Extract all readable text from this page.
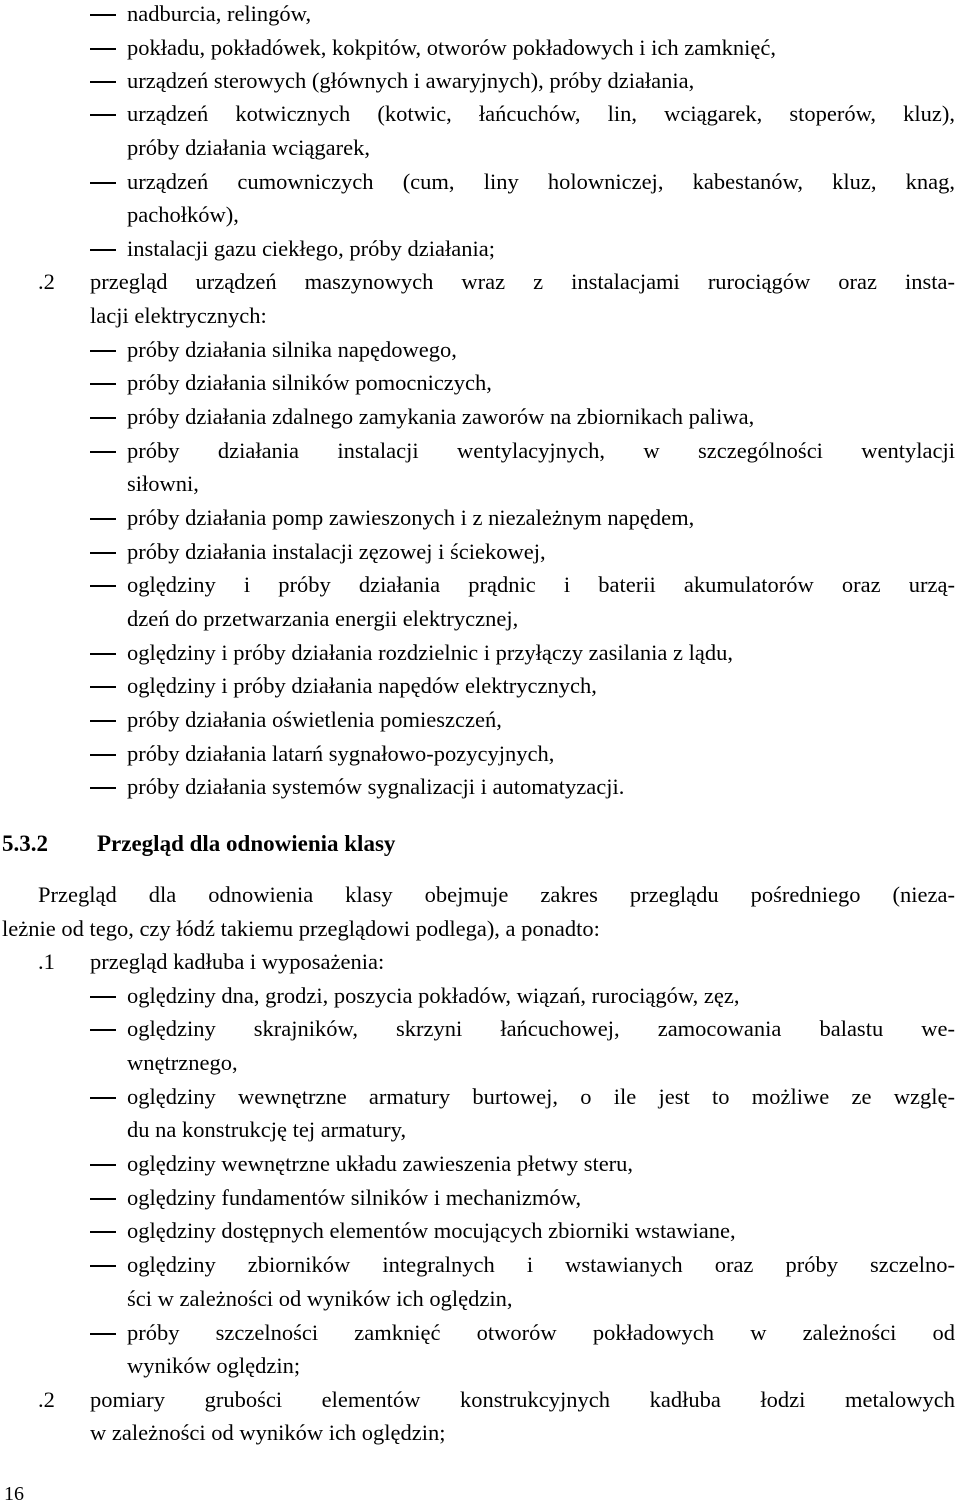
nadburcia, relingów,
pokładu, pokładówek, kokpitów, otworów pokładowych i ich zamknięć,
urządzeń sterowych (głównych i awaryjnych), próby działania,
urządzeń kotwicznych (kotwic, łańcuchów, lin, wciągarek, stoperów, kluz),
próby działania wciągarek,
urządzeń cumowniczych (cum, liny holowniczej, kabestanów, kluz, knag,
pachołków),
instalacji gazu ciekłego, próby działania;
.2 przegląd urządzeń maszynowych wraz z instalacjami rurociągów oraz insta-
lacji elektrycznych:
próby działania silnika napędowego,
próby działania silników pomocniczych,
próby działania zdalnego zamykania zaworów na zbiornikach paliwa,
próby działania instalacji wentylacyjnych, w szczególności wentylacji
siłowni,
próby działania pomp zawieszonych i z niezależnym napędem,
próby działania instalacji zęzowej i ściekowej,
oględziny i próby działania prądnic i baterii akumulatorów oraz urzą-
dzeń do przetwarzania energii elektrycznej,
oględziny i próby działania rozdzielnic i przyłączy zasilania z lądu,
oględziny i próby działania napędów elektrycznych,
próby działania oświetlenia pomieszczeń,
próby działania latarń sygnałowo-pozycyjnych,
próby działania systemów sygnalizacji i automatyzacji.
5.3.2 Przegląd dla odnowienia klasy
Przegląd dla odnowienia klasy obejmuje zakres przeglądu pośredniego (nieza-
leżnie od tego, czy łódź takiemu przeglądowi podlega), a ponadto:
.1 przegląd kadłuba i wyposażenia:
oględziny dna, grodzi, poszycia pokładów, wiązań, rurociągów, zęz,
oględziny skrajników, skrzyni łańcuchowej, zamocowania balastu we-
wnętrznego,
oględziny wewnętrzne armatury burtowej, o ile jest to możliwe ze wzglę-
du na konstrukcję tej armatury,
oględziny wewnętrzne układu zawieszenia płetwy steru,
oględziny fundamentów silników i mechanizmów,
oględziny dostępnych elementów mocujących zbiorniki wstawiane,
oględziny zbiorników integralnych i wstawianych oraz próby szczelno-
ści w zależności od wyników ich oględzin,
próby szczelności zamknięć otworów pokładowych w zależności od
wyników oględzin;
.2 pomiary grubości elementów konstrukcyjnych kadłuba łodzi metalowych
w zależności od wyników ich oględzin;
16
